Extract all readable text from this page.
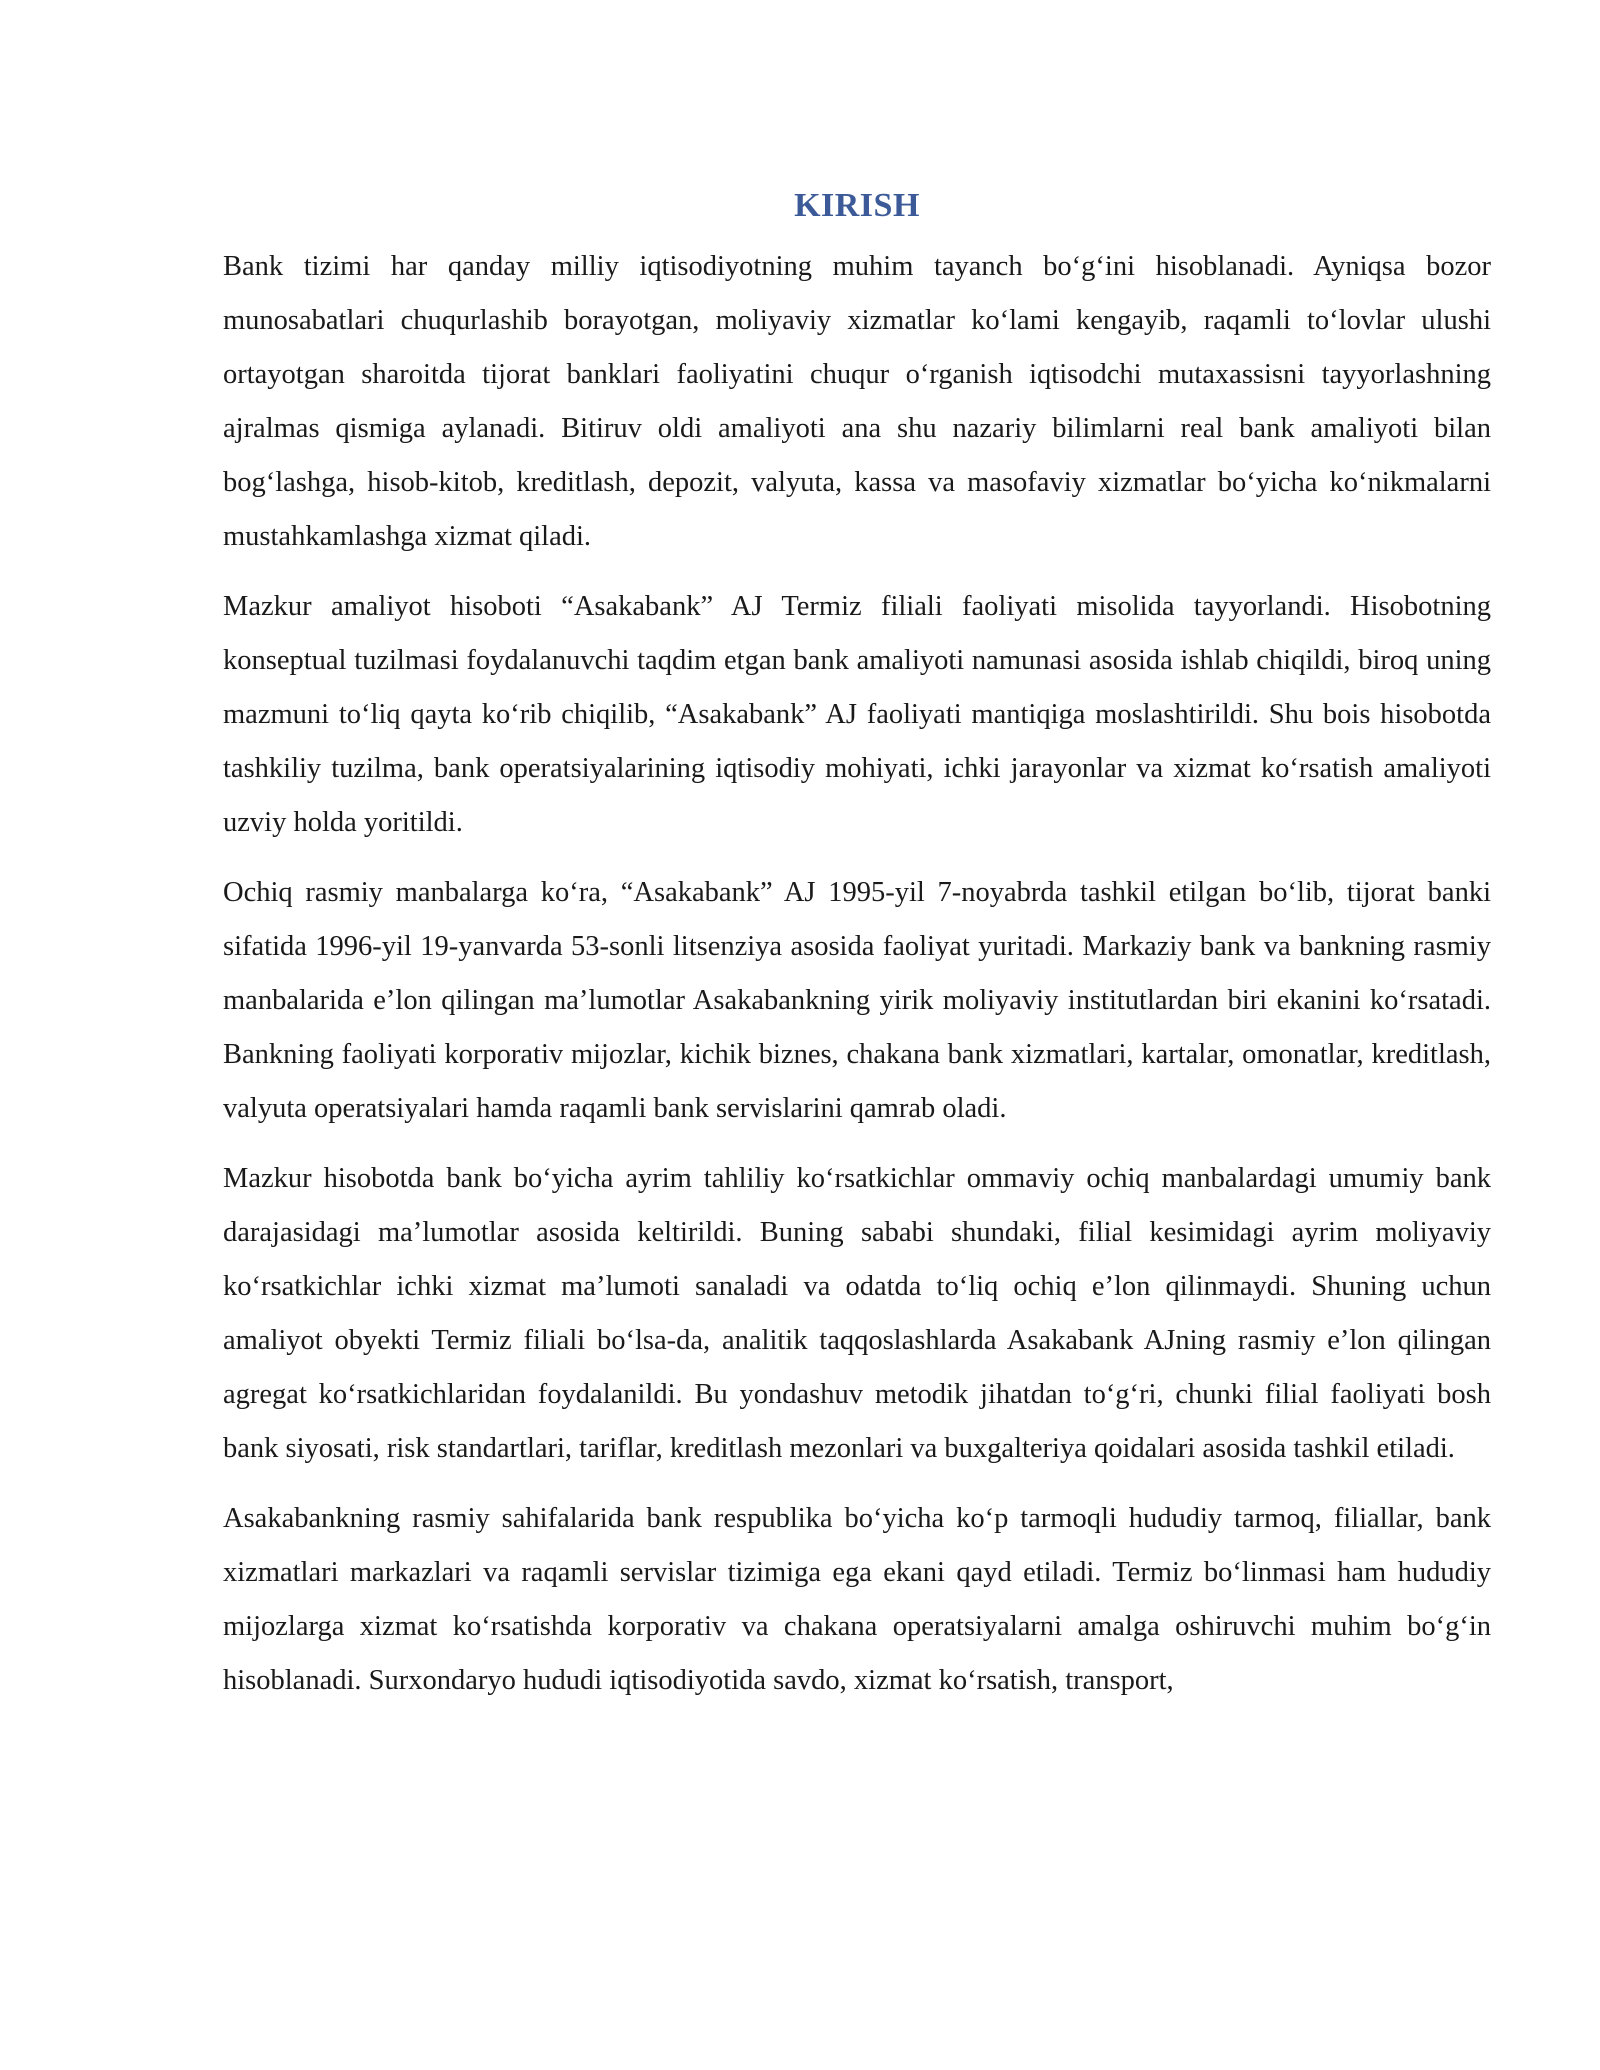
KIRISH

Bank tizimi har qanday milliy iqtisodiyotning muhim tayanch bo‘g‘ini hisoblanadi. Ayniqsa bozor munosabatlari chuqurlashib borayotgan, moliyaviy xizmatlar ko‘lami kengayib, raqamli to‘lovlar ulushi ortayotgan sharoitda tijorat banklari faoliyatini chuqur o‘rganish iqtisodchi mutaxassisni tayyorlashning ajralmas qismiga aylanadi. Bitiruv oldi amaliyoti ana shu nazariy bilimlarni real bank amaliyoti bilan bog‘lashga, hisob-kitob, kreditlash, depozit, valyuta, kassa va masofaviy xizmatlar bo‘yicha ko‘nikmalarni mustahkamlashga xizmat qiladi.

Mazkur amaliyot hisoboti “Asakabank” AJ Termiz filiali faoliyati misolida tayyorlandi. Hisobotning konseptual tuzilmasi foydalanuvchi taqdim etgan bank amaliyoti namunasi asosida ishlab chiqildi, biroq uning mazmuni to‘liq qayta ko‘rib chiqilib, “Asakabank” AJ faoliyati mantiqiga moslashtirildi. Shu bois hisobotda tashkiliy tuzilma, bank operatsiyalarining iqtisodiy mohiyati, ichki jarayonlar va xizmat ko‘rsatish amaliyoti uzviy holda yoritildi.

Ochiq rasmiy manbalarga ko‘ra, “Asakabank” AJ 1995-yil 7-noyabrda tashkil etilgan bo‘lib, tijorat banki sifatida 1996-yil 19-yanvarda 53-sonli litsenziya asosida faoliyat yuritadi. Markaziy bank va bankning rasmiy manbalarida e’lon qilingan ma’lumotlar Asakabankning yirik moliyaviy institutlardan biri ekanini ko‘rsatadi. Bankning faoliyati korporativ mijozlar, kichik biznes, chakana bank xizmatlari, kartalar, omonatlar, kreditlash, valyuta operatsiyalari hamda raqamli bank servislarini qamrab oladi.

Mazkur hisobotda bank bo‘yicha ayrim tahliliy ko‘rsatkichlar ommaviy ochiq manbalardagi umumiy bank darajasidagi ma’lumotlar asosida keltirildi. Buning sababi shundaki, filial kesimidagi ayrim moliyaviy ko‘rsatkichlar ichki xizmat ma’lumoti sanaladi va odatda to‘liq ochiq e’lon qilinmaydi. Shuning uchun amaliyot obyekti Termiz filiali bo‘lsa-da, analitik taqqoslashlarda Asakabank AJning rasmiy e’lon qilingan agregat ko‘rsatkichlaridan foydalanildi. Bu yondashuv metodik jihatdan to‘g‘ri, chunki filial faoliyati bosh bank siyosati, risk standartlari, tariflar, kreditlash mezonlari va buxgalteriya qoidalari asosida tashkil etiladi.

Asakabankning rasmiy sahifalarida bank respublika bo‘yicha ko‘p tarmoqli hududiy tarmoq, filiallar, bank xizmatlari markazlari va raqamli servislar tizimiga ega ekani qayd etiladi. Termiz bo‘linmasi ham hududiy mijozlarga xizmat ko‘rsatishda korporativ va chakana operatsiyalarni amalga oshiruvchi muhim bo‘g‘in hisoblanadi. Surxondaryo hududi iqtisodiyotida savdo, xizmat ko‘rsatish, transport,
